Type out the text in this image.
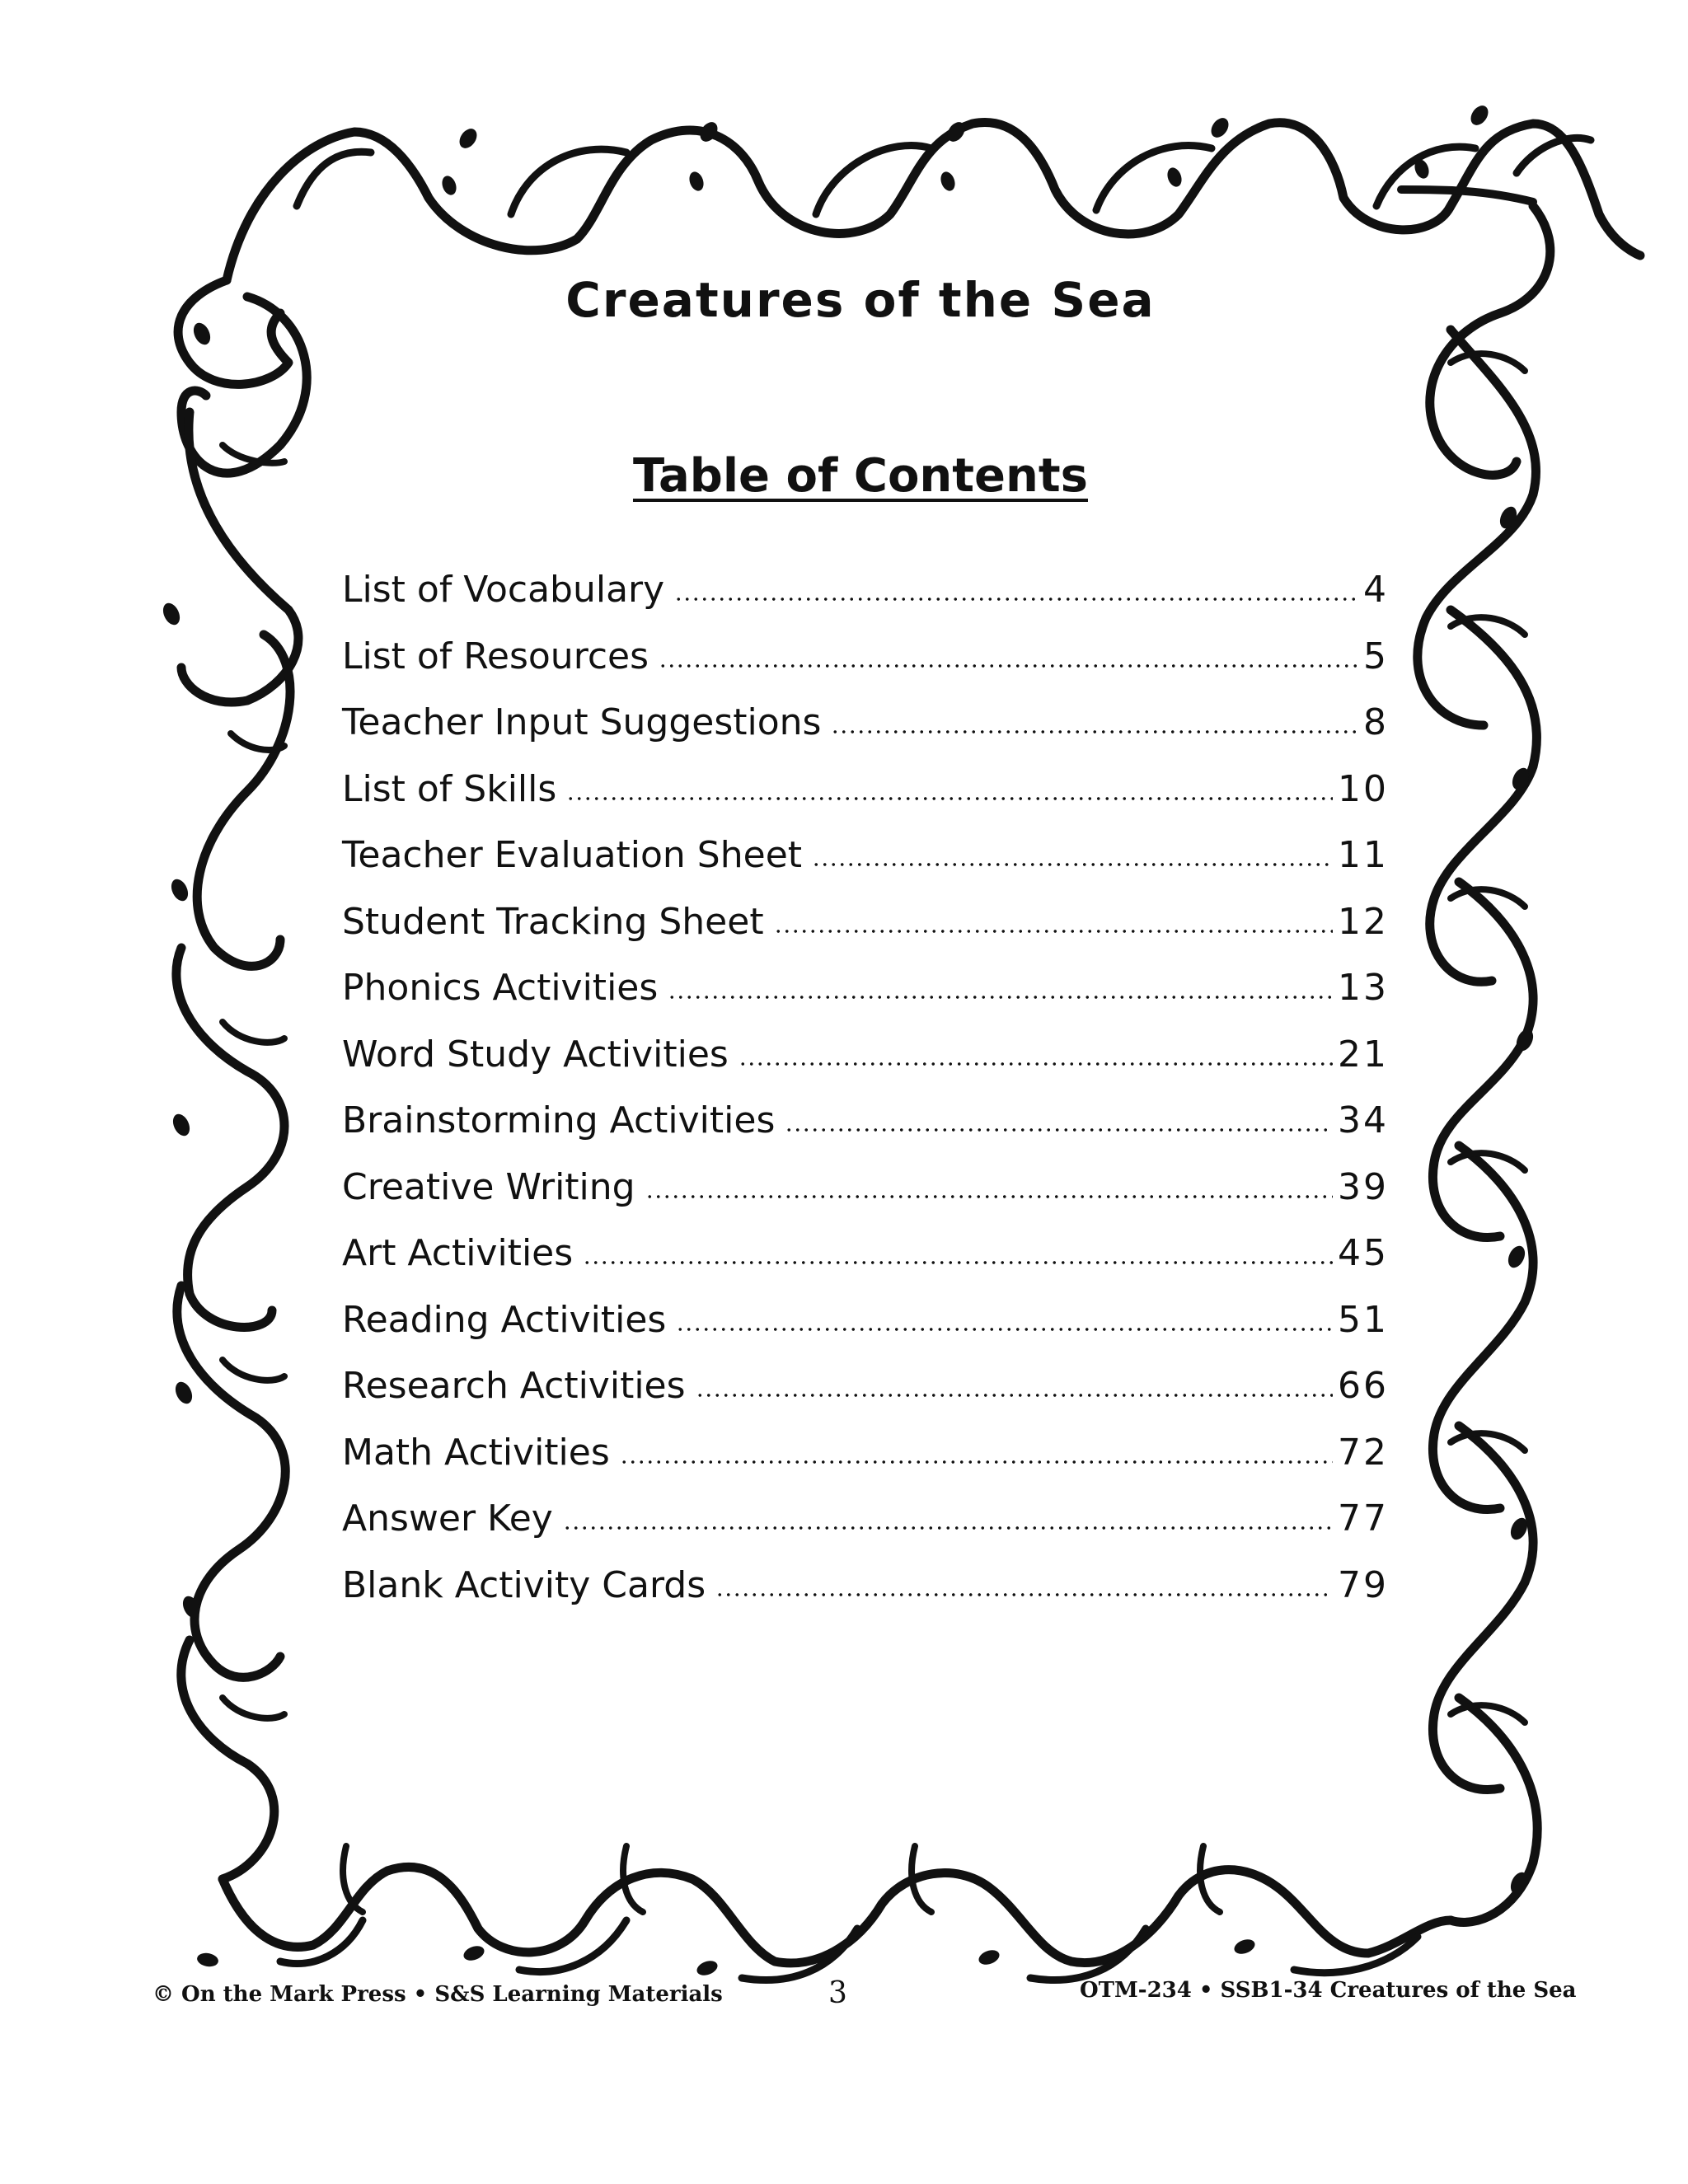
Creatures of the Sea
Table of Contents
List of Vocabulary	4
List of Resources	5
Teacher Input Suggestions	8
List of Skills	10
Teacher Evaluation Sheet	11
Student Tracking Sheet	12
Phonics Activities	13
Word Study Activities	21
Brainstorming Activities	34
Creative Writing	39
Art Activities	45
Reading Activities	51
Research Activities	66
Math Activities	72
Answer Key	77
Blank Activity Cards	79
© On the Mark Press • S&S Learning Materials	3	OTM-234 • SSB1-34 Creatures of the Sea
